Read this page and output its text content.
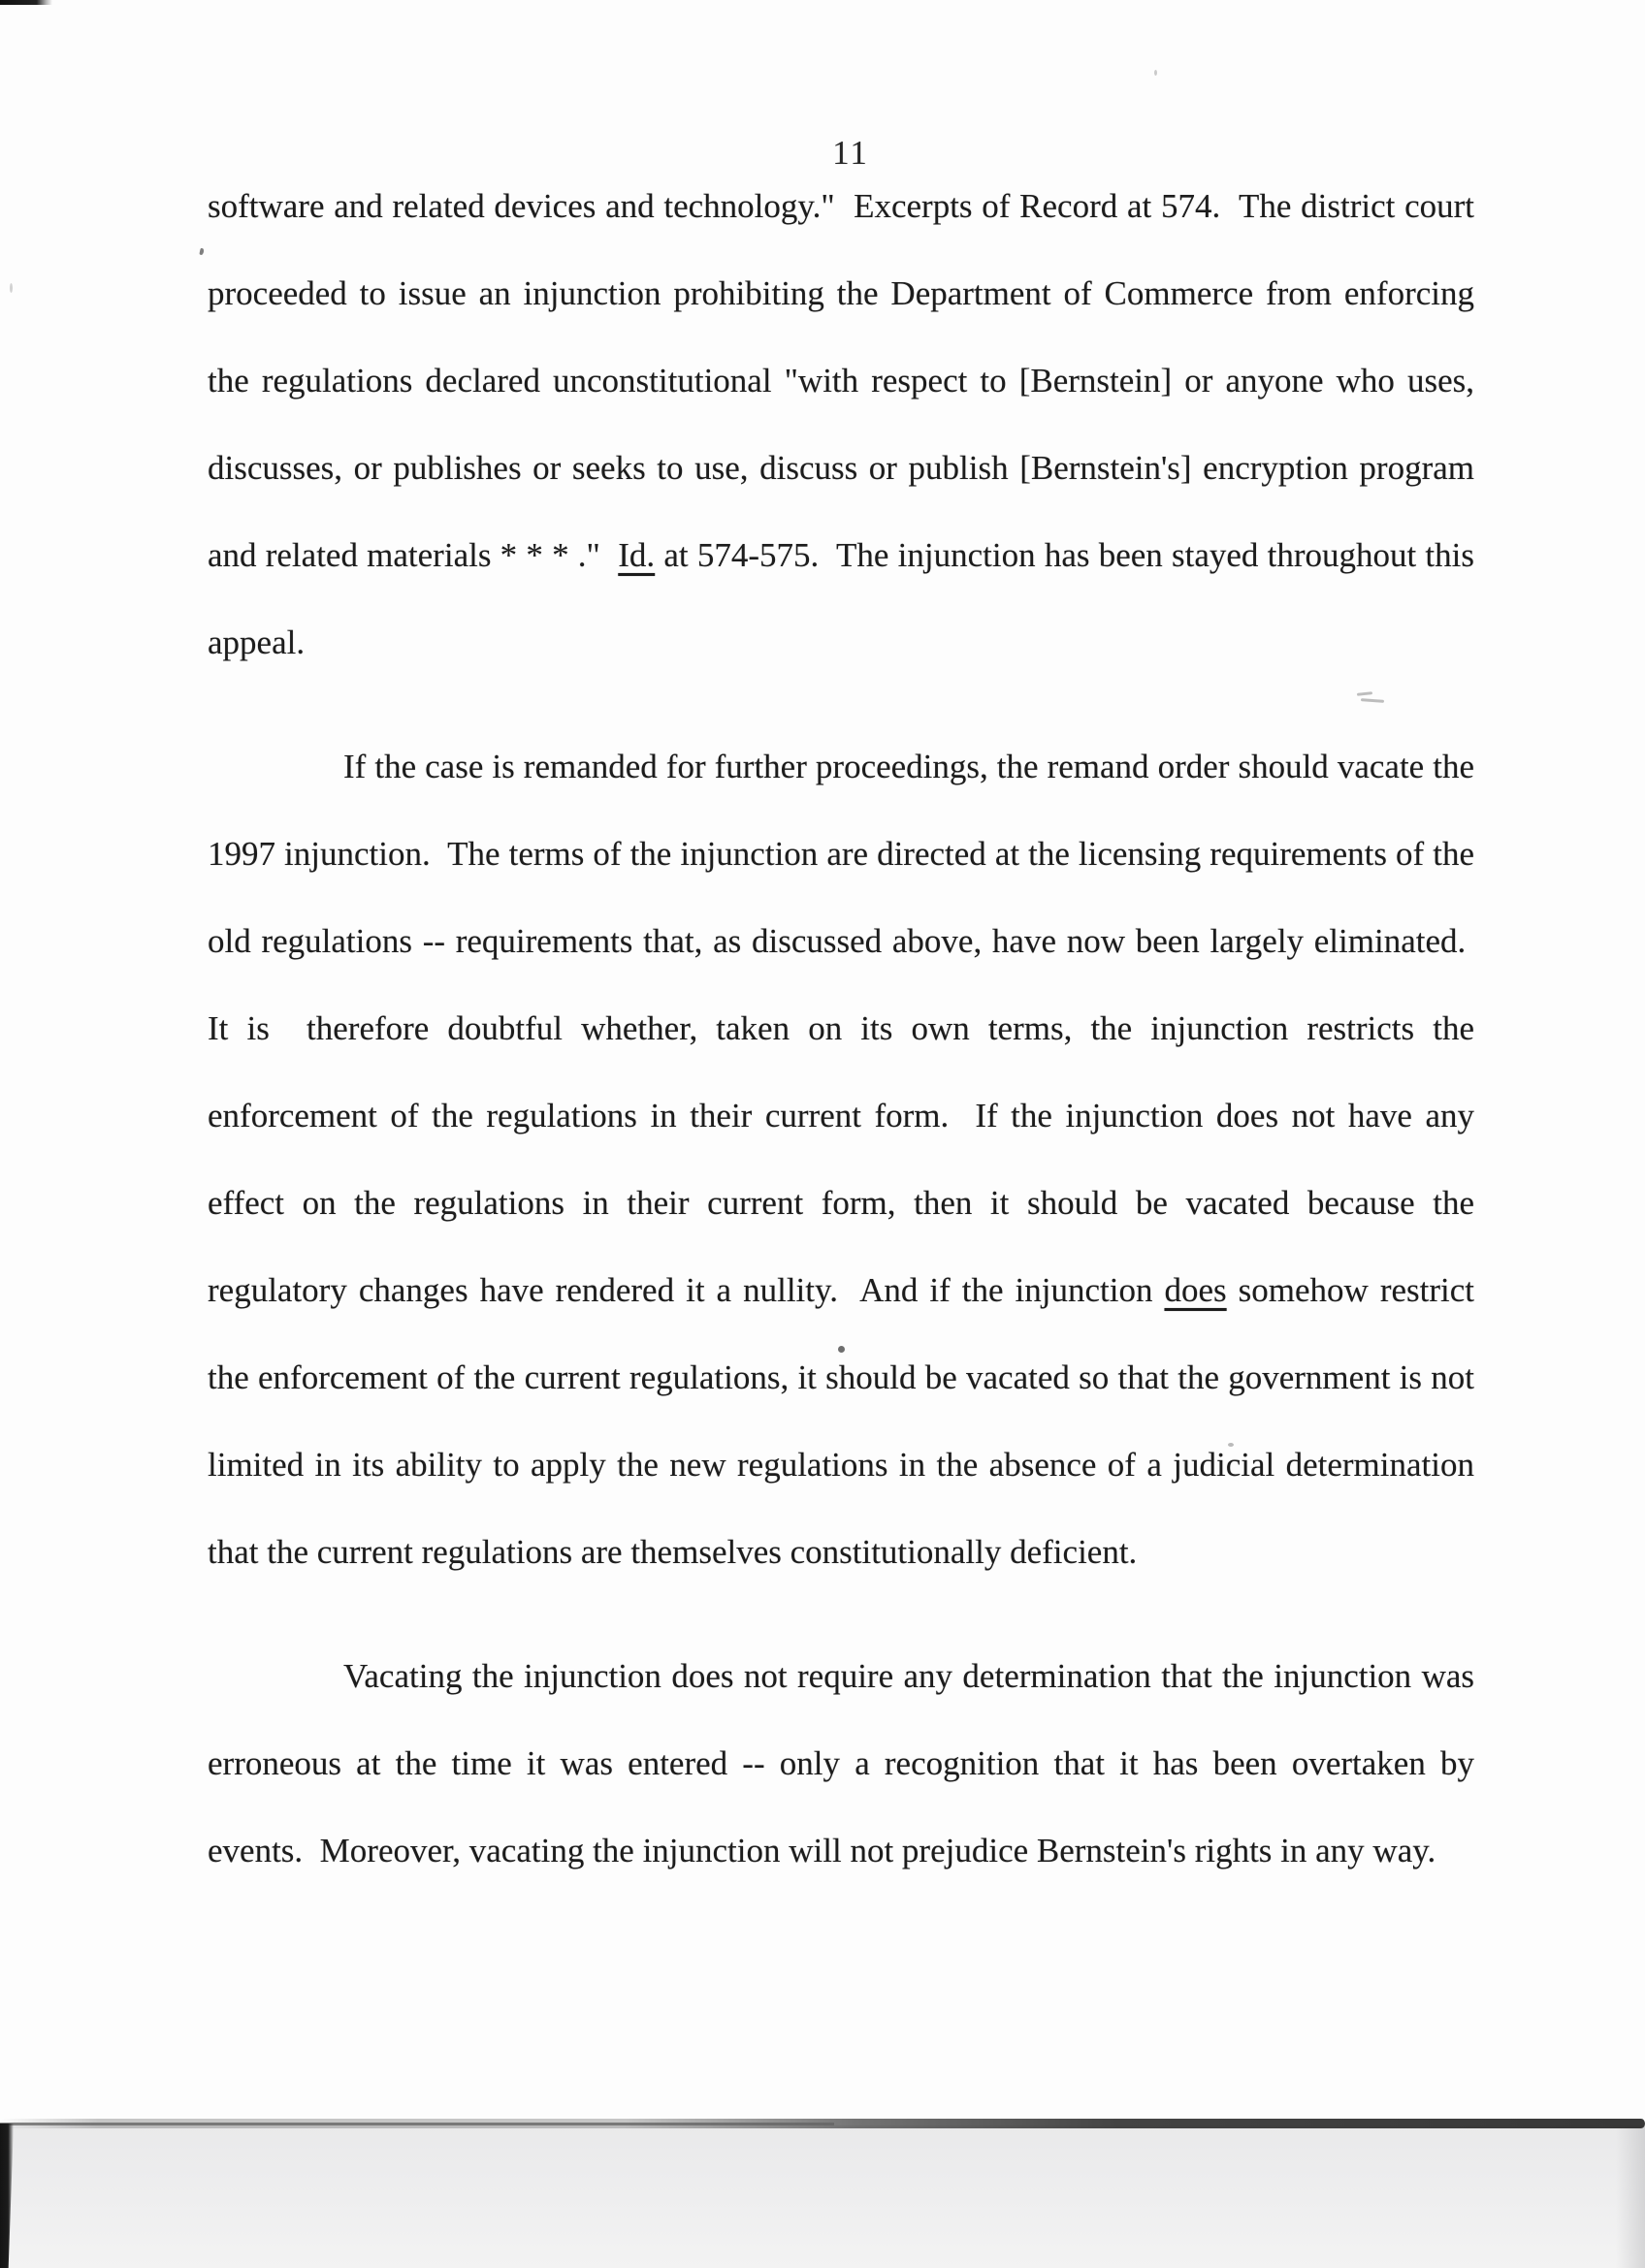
11

software and related devices and technology."  Excerpts of Record at 574.  The district court proceeded to issue an injunction prohibiting the Department of Commerce from enforcing the regulations declared unconstitutional "with respect to [Bernstein] or anyone who uses, discusses, or publishes or seeks to use, discuss or publish [Bernstein's] encryption program and related materials * * * ."  Id. at 574-575.  The injunction has been stayed throughout this appeal.

If the case is remanded for further proceedings, the remand order should vacate the 1997 injunction.  The terms of the injunction are directed at the licensing requirements of the old regulations -- requirements that, as discussed above, have now been largely eliminated.  It is  therefore doubtful whether, taken on its own terms, the injunction restricts the enforcement of the regulations in their current form.  If the injunction does not have any effect on the regulations in their current form, then it should be vacated because the regulatory changes have rendered it a nullity.  And if the injunction does somehow restrict the enforcement of the current regulations, it should be vacated so that the government is not limited in its ability to apply the new regulations in the absence of a judicial determination that the current regulations are themselves constitutionally deficient.

Vacating the injunction does not require any determination that the injunction was erroneous at the time it was entered -- only a recognition that it has been overtaken by events.  Moreover, vacating the injunction will not prejudice Bernstein's rights in any way.
